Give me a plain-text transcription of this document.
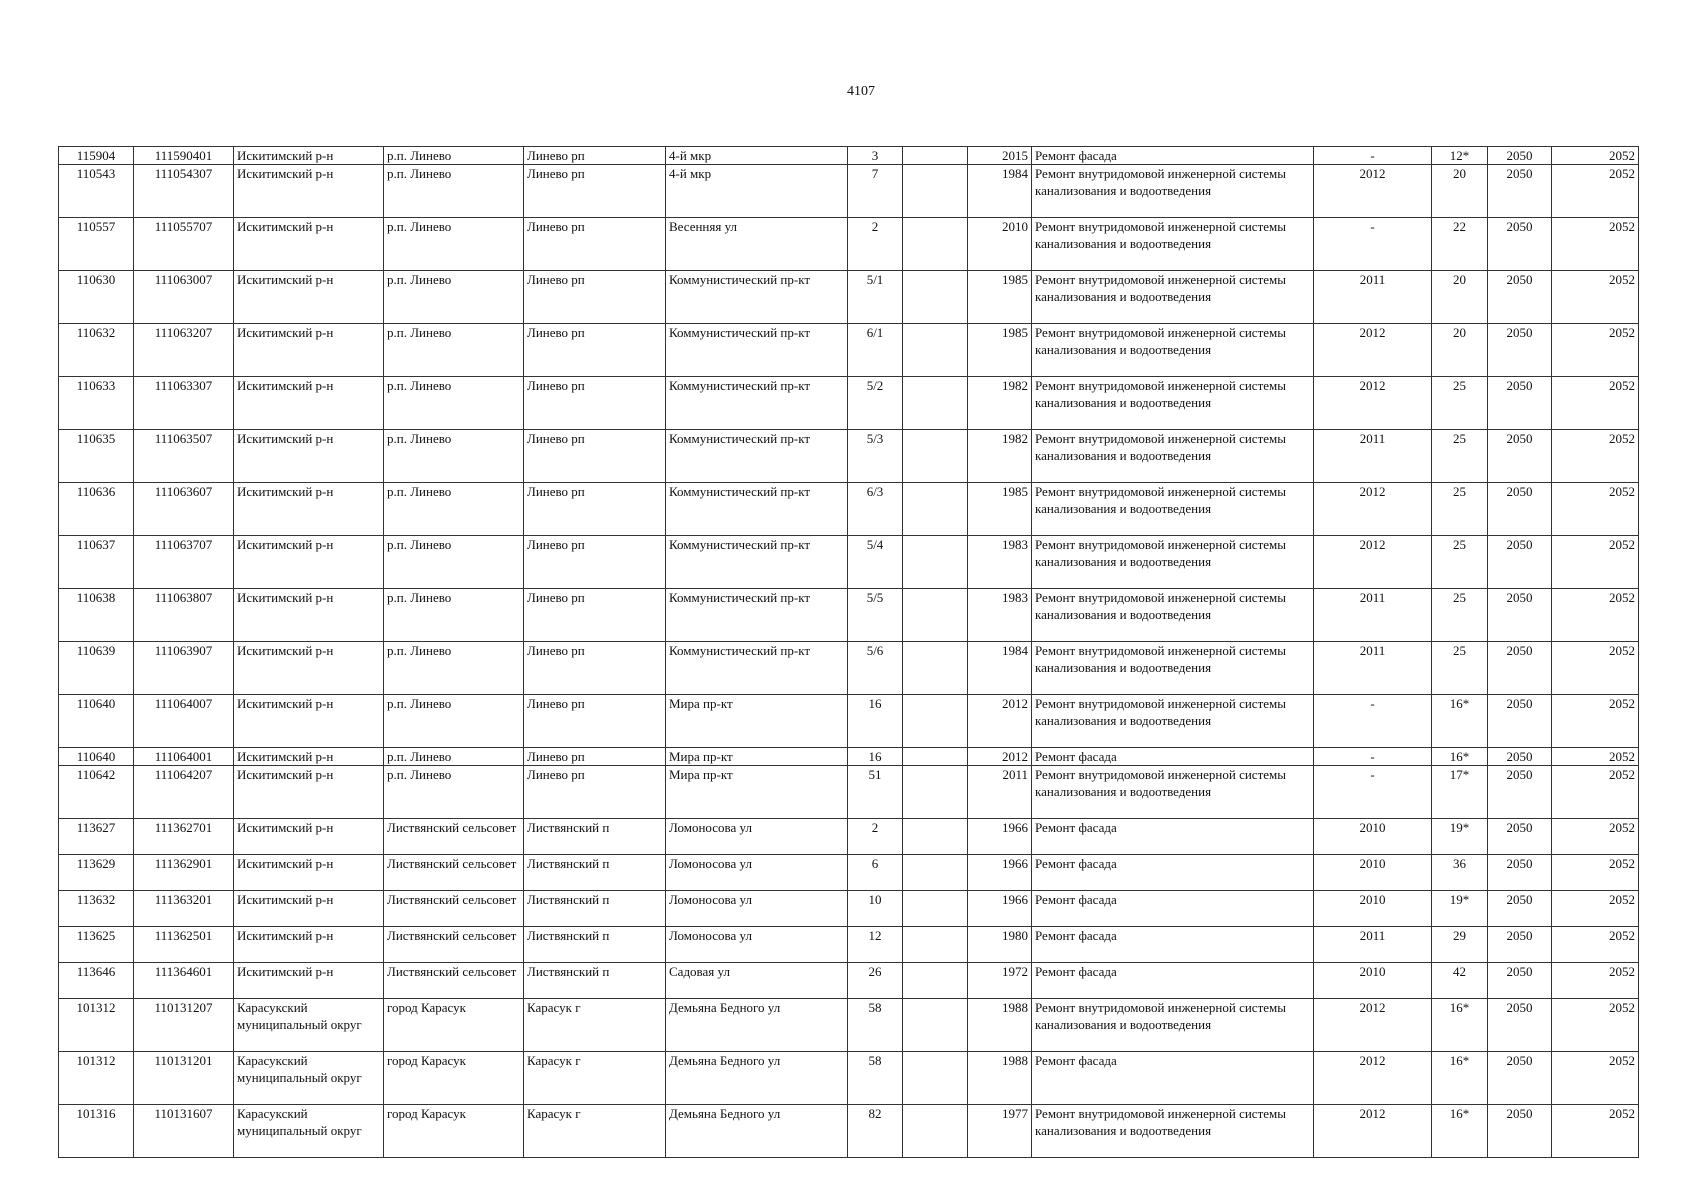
4107
115904	111590401	Искитимский р-н	р.п. Линево	Линево рп	4-й мкр	3		2015	Ремонт фасада	-	12*	2050	2052
110543	111054307	Искитимский р-н	р.п. Линево	Линево рп	4-й мкр	7		1984	Ремонт внутридомовой инженерной системы канализования и водоотведения	2012	20	2050	2052
110557	111055707	Искитимский р-н	р.п. Линево	Линево рп	Весенняя ул	2		2010	Ремонт внутридомовой инженерной системы канализования и водоотведения	-	22	2050	2052
110630	111063007	Искитимский р-н	р.п. Линево	Линево рп	Коммунистический пр-кт	5/1		1985	Ремонт внутридомовой инженерной системы канализования и водоотведения	2011	20	2050	2052
110632	111063207	Искитимский р-н	р.п. Линево	Линево рп	Коммунистический пр-кт	6/1		1985	Ремонт внутридомовой инженерной системы канализования и водоотведения	2012	20	2050	2052
110633	111063307	Искитимский р-н	р.п. Линево	Линево рп	Коммунистический пр-кт	5/2		1982	Ремонт внутридомовой инженерной системы канализования и водоотведения	2012	25	2050	2052
110635	111063507	Искитимский р-н	р.п. Линево	Линево рп	Коммунистический пр-кт	5/3		1982	Ремонт внутридомовой инженерной системы канализования и водоотведения	2011	25	2050	2052
110636	111063607	Искитимский р-н	р.п. Линево	Линево рп	Коммунистический пр-кт	6/3		1985	Ремонт внутридомовой инженерной системы канализования и водоотведения	2012	25	2050	2052
110637	111063707	Искитимский р-н	р.п. Линево	Линево рп	Коммунистический пр-кт	5/4		1983	Ремонт внутридомовой инженерной системы канализования и водоотведения	2012	25	2050	2052
110638	111063807	Искитимский р-н	р.п. Линево	Линево рп	Коммунистический пр-кт	5/5		1983	Ремонт внутридомовой инженерной системы канализования и водоотведения	2011	25	2050	2052
110639	111063907	Искитимский р-н	р.п. Линево	Линево рп	Коммунистический пр-кт	5/6		1984	Ремонт внутридомовой инженерной системы канализования и водоотведения	2011	25	2050	2052
110640	111064007	Искитимский р-н	р.п. Линево	Линево рп	Мира пр-кт	16		2012	Ремонт внутридомовой инженерной системы канализования и водоотведения	-	16*	2050	2052
110640	111064001	Искитимский р-н	р.п. Линево	Линево рп	Мира пр-кт	16		2012	Ремонт фасада	-	16*	2050	2052
110642	111064207	Искитимский р-н	р.п. Линево	Линево рп	Мира пр-кт	51		2011	Ремонт внутридомовой инженерной системы канализования и водоотведения	-	17*	2050	2052
113627	111362701	Искитимский р-н	Листвянский сельсовет	Листвянский п	Ломоносова ул	2		1966	Ремонт фасада	2010	19*	2050	2052
113629	111362901	Искитимский р-н	Листвянский сельсовет	Листвянский п	Ломоносова ул	6		1966	Ремонт фасада	2010	36	2050	2052
113632	111363201	Искитимский р-н	Листвянский сельсовет	Листвянский п	Ломоносова ул	10		1966	Ремонт фасада	2010	19*	2050	2052
113625	111362501	Искитимский р-н	Листвянский сельсовет	Листвянский п	Ломоносова ул	12		1980	Ремонт фасада	2011	29	2050	2052
113646	111364601	Искитимский р-н	Листвянский сельсовет	Листвянский п	Садовая ул	26		1972	Ремонт фасада	2010	42	2050	2052
101312	110131207	Карасукский муниципальный округ	город Карасук	Карасук г	Демьяна Бедного ул	58		1988	Ремонт внутридомовой инженерной системы канализования и водоотведения	2012	16*	2050	2052
101312	110131201	Карасукский муниципальный округ	город Карасук	Карасук г	Демьяна Бедного ул	58		1988	Ремонт фасада	2012	16*	2050	2052
101316	110131607	Карасукский муниципальный округ	город Карасук	Карасук г	Демьяна Бедного ул	82		1977	Ремонт внутридомовой инженерной системы канализования и водоотведения	2012	16*	2050	2052
